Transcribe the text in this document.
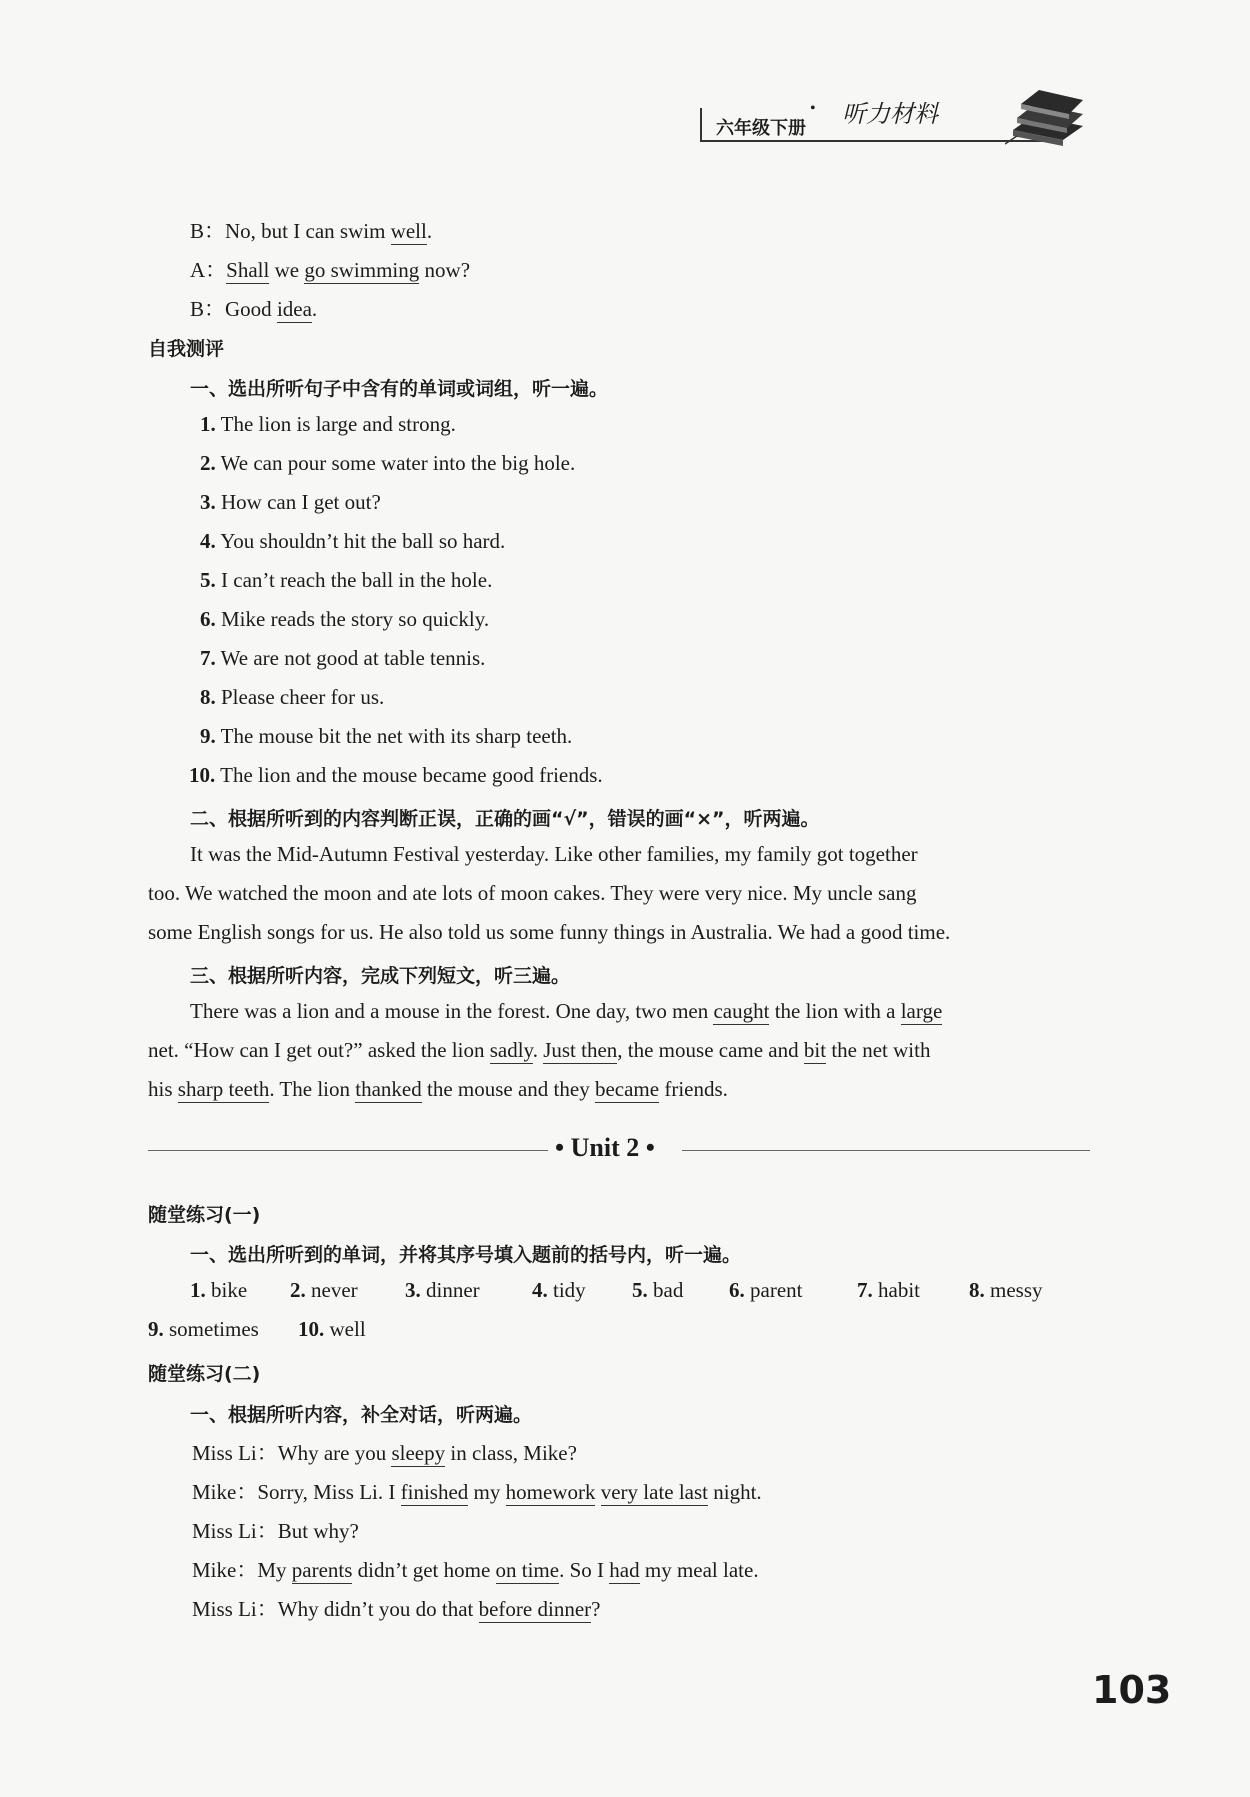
六年级下册
• 听力材料
B：No, but I can swim well.
A：Shall we go swimming now?
B：Good idea.
自我测评
一、选出所听句子中含有的单词或词组，听一遍。
1. The lion is large and strong.
2. We can pour some water into the big hole.
3. How can I get out?
4. You shouldn’t hit the ball so hard.
5. I can’t reach the ball in the hole.
6. Mike reads the story so quickly.
7. We are not good at table tennis.
8. Please cheer for us.
9. The mouse bit the net with its sharp teeth.
10. The lion and the mouse became good friends.
二、根据所听到的内容判断正误，正确的画“√”，错误的画“×”，听两遍。
It was the Mid-Autumn Festival yesterday. Like other families, my family got together
too. We watched the moon and ate lots of moon cakes. They were very nice. My uncle sang
some English songs for us. He also told us some funny things in Australia. We had a good time.
三、根据所听内容，完成下列短文，听三遍。
There was a lion and a mouse in the forest. One day, two men caught the lion with a large
net. “How can I get out?” asked the lion sadly. Just then, the mouse came and bit the net with
his sharp teeth. The lion thanked the mouse and they became friends.
• Unit 2 •
随堂练习(一)
一、选出所听到的单词，并将其序号填入题前的括号内，听一遍。
1. bike 2. never 3. dinner 4. tidy 5. bad 6. parent	7. habit 8. messy
9. sometimes 10. well
随堂练习(二)
一、根据所听内容，补全对话，听两遍。
Miss Li：Why are you sleepy in class, Mike?
Mike：Sorry, Miss Li. I finished my homework very late last night.
Miss Li：But why?
Mike：My parents didn’t get home on time. So I had my meal late.
Miss Li：Why didn’t you do that before dinner?
103
